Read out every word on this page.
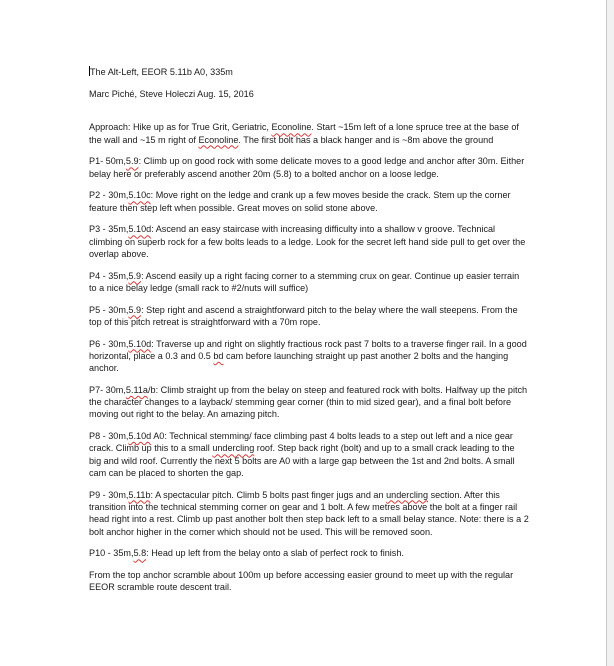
The Alt-Left, EEOR 5.11b A0, 335m

Marc Piché, Steve Holeczi Aug. 15, 2016

Approach: Hike up as for True Grit, Geriatric, Econoline. Start ~15m left of a lone spruce tree at the base of the wall and ~15 m right of Econoline. The first bolt has a black hanger and is ~8m above the ground

P1- 50m,5.9: Climb up on good rock with some delicate moves to a good ledge and anchor after 30m. Either belay here or preferably ascend another 20m (5.8) to a bolted anchor on a loose ledge.

P2 - 30m,5.10c: Move right on the ledge and crank up a few moves beside the crack. Stem up the corner feature then step left when possible. Great moves on solid stone above.

P3 - 35m,5.10d: Ascend an easy staircase with increasing difficulty into a shallow v groove. Technical climbing on superb rock for a few bolts leads to a ledge. Look for the secret left hand side pull to get over the overlap above.

P4 - 35m,5.9: Ascend easily up a right facing corner to a stemming crux on gear. Continue up easier terrain to a nice belay ledge (small rack to #2/nuts will suffice)

P5 - 30m,5.9: Step right and ascend a straightforward pitch to the belay where the wall steepens. From the top of this pitch retreat is straightforward with a 70m rope.

P6 - 30m,5.10d: Traverse up and right on slightly fractious rock past 7 bolts to a traverse finger rail. In a good horizontal, place a 0.3 and 0.5 bd cam before launching straight up past another 2 bolts and the hanging anchor.

P7- 30m,5.11a/b: Climb straight up from the belay on steep and featured rock with bolts. Halfway up the pitch the character changes to a layback/ stemming gear corner (thin to mid sized gear), and a final bolt before moving out right to the belay. An amazing pitch.

P8 - 30m,5.10d A0: Technical stemming/ face climbing past 4 bolts leads to a step out left and a nice gear crack. Climb up this to a small undercling roof. Step back right (bolt) and up to a small crack leading to the big and wild roof. Currently the next 5 bolts are A0 with a large gap between the 1st and 2nd bolts. A small cam can be placed to shorten the gap.

P9 - 30m,5.11b: A spectacular pitch. Climb 5 bolts past finger jugs and an undercling section. After this transition into the technical stemming corner on gear and 1 bolt. A few metres above the bolt at a finger rail head right into a rest. Climb up past another bolt then step back left to a small belay stance. Note: there is a 2 bolt anchor higher in the corner which should not be used. This will be removed soon.

P10 - 35m,5.8: Head up left from the belay onto a slab of perfect rock to finish.

From the top anchor scramble about 100m up before accessing easier ground to meet up with the regular EEOR scramble route descent trail.
